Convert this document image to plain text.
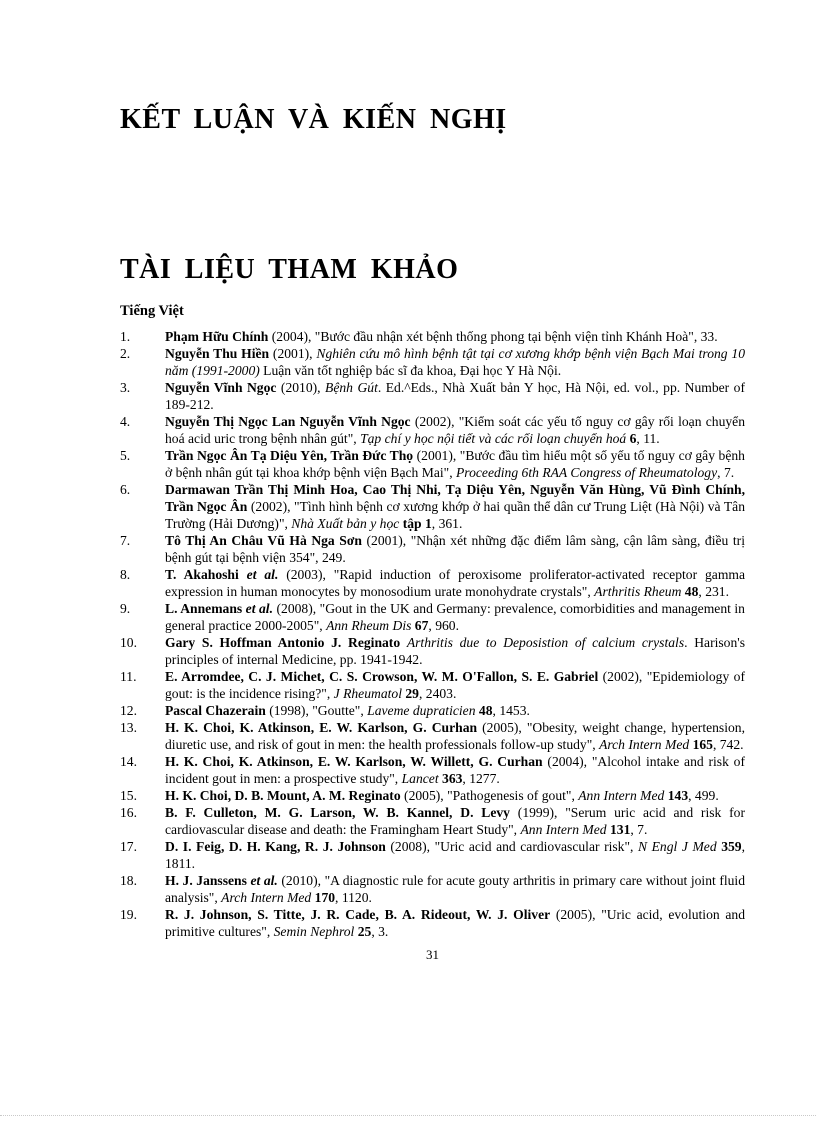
KẾT LUẬN VÀ KIẾN NGHỊ
TÀI LIỆU THAM KHẢO
Tiếng Việt
1.	Phạm Hữu Chính (2004), "Bước đầu nhận xét bệnh thống phong tại bệnh viện tỉnh Khánh Hoà", 33.
2.	Nguyễn Thu Hiền (2001), Nghiên cứu mô hình bệnh tật tại cơ xương khớp bệnh viện Bạch Mai trong 10 năm (1991-2000) Luận văn tốt nghiệp bác sĩ đa khoa, Đại học Y Hà Nội.
3.	Nguyễn Vĩnh Ngọc (2010), Bệnh Gút. Ed.^Eds., Nhà Xuất bản Y học, Hà Nội, ed. vol., pp. Number of 189-212.
4.	Nguyễn Thị Ngọc Lan Nguyễn Vĩnh Ngọc (2002), "Kiểm soát các yếu tố nguy cơ gây rối loạn chuyển hoá acid uric trong bệnh nhân gút", Tạp chí y học nội tiết và các rối loạn chuyển hoá 6, 11.
5.	Trần Ngọc Ân Tạ Diệu Yên, Trần Đức Thọ (2001), "Bước đầu tìm hiểu một số yếu tố nguy cơ gây bệnh ở bệnh nhân gút tại khoa khớp bệnh viện Bạch Mai", Proceeding 6th RAA Congress of Rheumatology, 7.
6.	Darmawan Trần Thị Minh Hoa, Cao Thị Nhi, Tạ Diệu Yên, Nguyễn Văn Hùng, Vũ Đình Chính, Trần Ngọc Ân (2002), "Tình hình bệnh cơ xương khớp ở hai quần thể dân cư Trung Liệt (Hà Nội) và Tân Trường (Hải Dương)", Nhà Xuất bản y học tập 1, 361.
7.	Tô Thị An Châu Vũ Hà Nga Sơn (2001), "Nhận xét những đặc điểm lâm sàng, cận lâm sàng, điều trị bệnh gút tại bệnh viện 354", 249.
8.	T. Akahoshi et al. (2003), "Rapid induction of peroxisome proliferator-activated receptor gamma expression in human monocytes by monosodium urate monohydrate crystals", Arthritis Rheum 48, 231.
9.	L. Annemans et al. (2008), "Gout in the UK and Germany: prevalence, comorbidities and management in general practice 2000-2005", Ann Rheum Dis 67, 960.
10. Gary S. Hoffman Antonio J. Reginato Arthritis due to Deposistion of calcium crystals. Harison's principles of internal Medicine, pp. 1941-1942.
11. E. Arromdee, C. J. Michet, C. S. Crowson, W. M. O'Fallon, S. E. Gabriel (2002), "Epidemiology of gout: is the incidence rising?", J Rheumatol 29, 2403.
12. Pascal Chazerain (1998), "Goutte", Laveme dupraticien 48, 1453.
13. H. K. Choi, K. Atkinson, E. W. Karlson, G. Curhan (2005), "Obesity, weight change, hypertension, diuretic use, and risk of gout in men: the health professionals follow-up study", Arch Intern Med 165, 742.
14. H. K. Choi, K. Atkinson, E. W. Karlson, W. Willett, G. Curhan (2004), "Alcohol intake and risk of incident gout in men: a prospective study", Lancet 363, 1277.
15. H. K. Choi, D. B. Mount, A. M. Reginato (2005), "Pathogenesis of gout", Ann Intern Med 143, 499.
16. B. F. Culleton, M. G. Larson, W. B. Kannel, D. Levy (1999), "Serum uric acid and risk for cardiovascular disease and death: the Framingham Heart Study", Ann Intern Med 131, 7.
17. D. I. Feig, D. H. Kang, R. J. Johnson (2008), "Uric acid and cardiovascular risk", N Engl J Med 359, 1811.
18. H. J. Janssens et al. (2010), "A diagnostic rule for acute gouty arthritis in primary care without joint fluid analysis", Arch Intern Med 170, 1120.
19. R. J. Johnson, S. Titte, J. R. Cade, B. A. Rideout, W. J. Oliver (2005), "Uric acid, evolution and primitive cultures", Semin Nephrol 25, 3.
31
